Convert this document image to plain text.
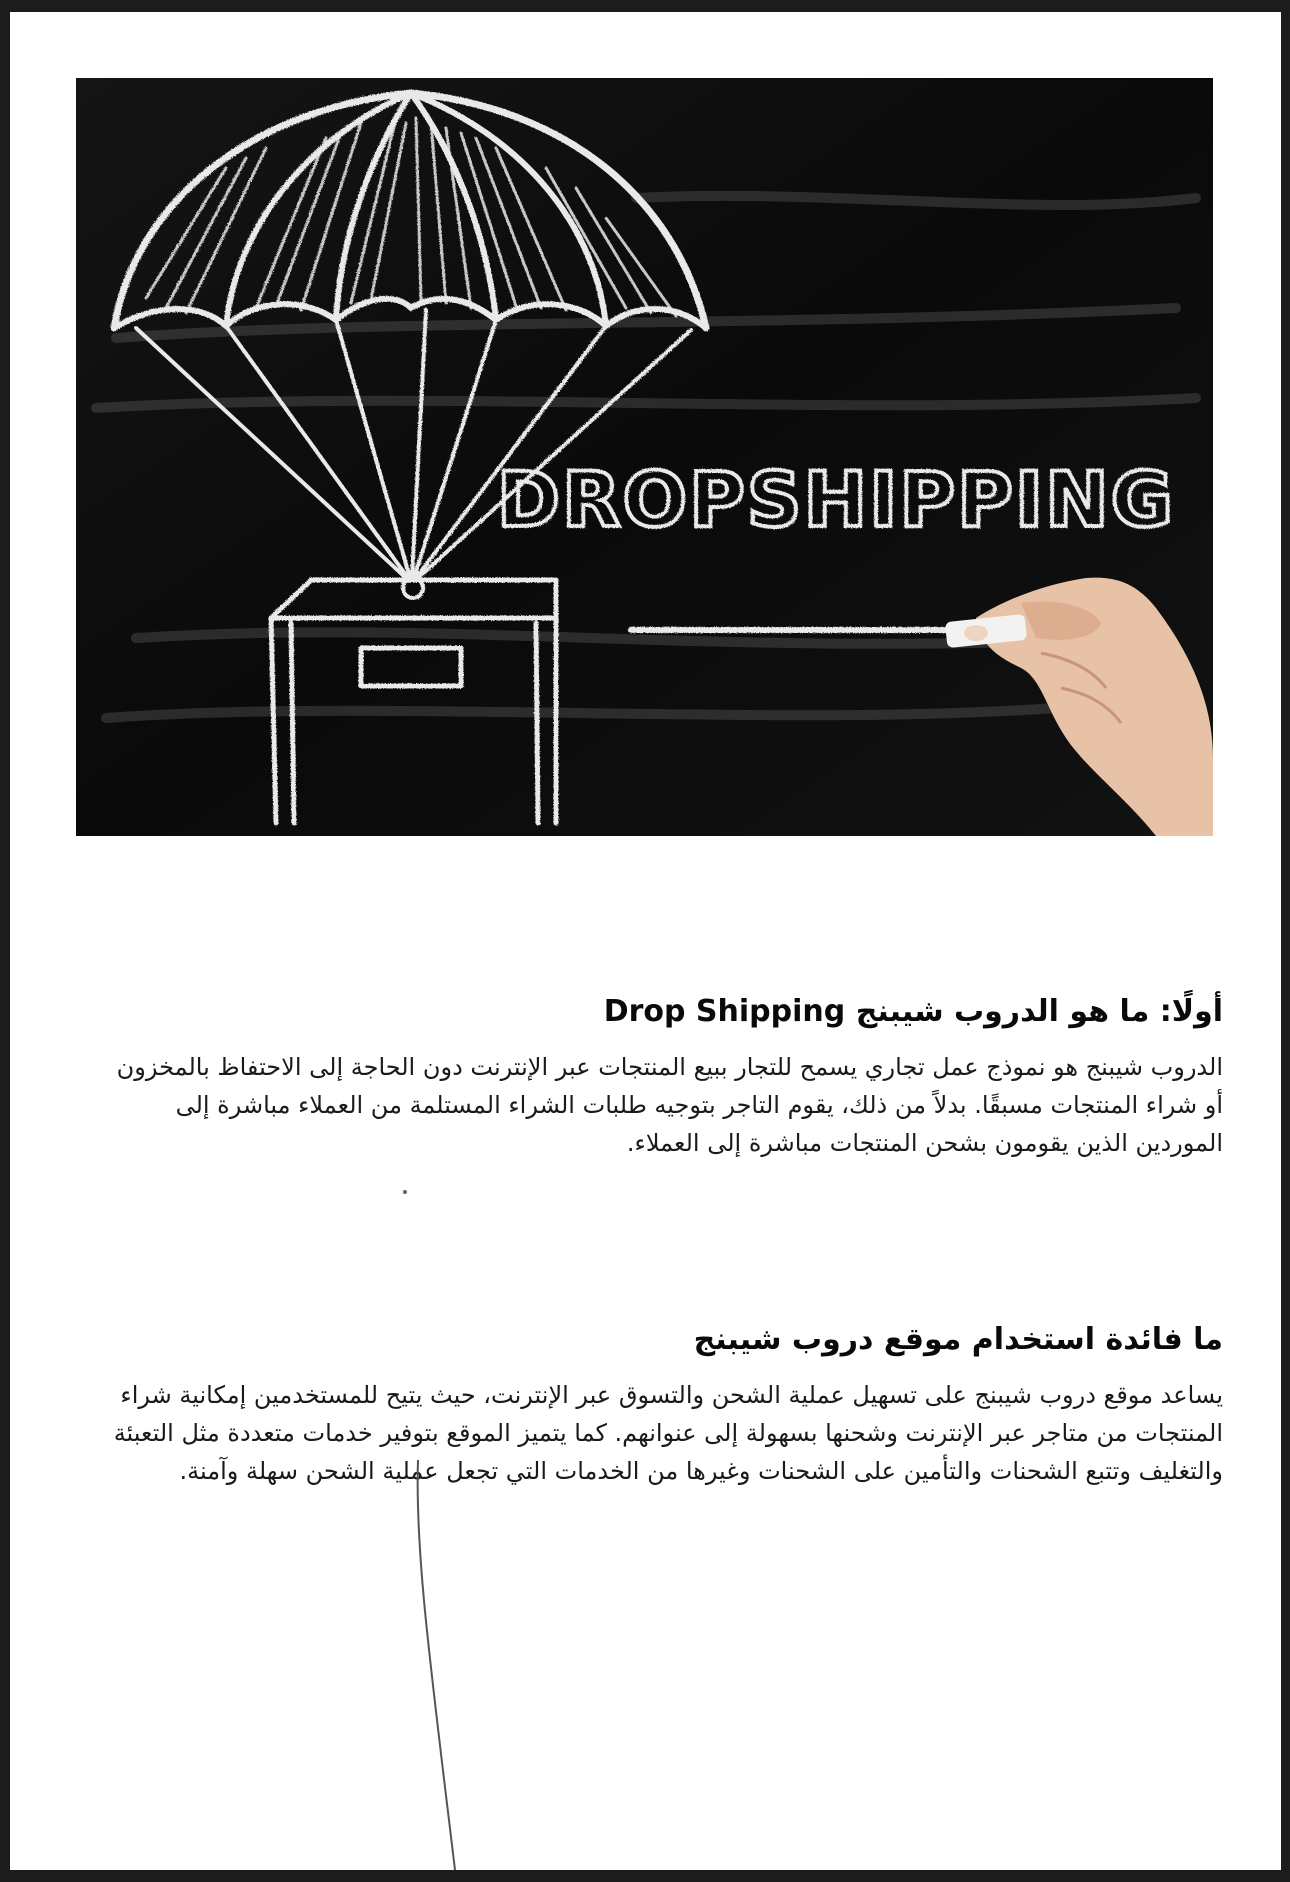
DROPSHIPPING
أولًا: ما هو الدروب شيبنج Drop Shipping

الدروب شيبنج هو نموذج عمل تجاري يسمح للتجار ببيع المنتجات عبر الإنترنت دون الحاجة إلى الاحتفاظ بالمخزون أو شراء المنتجات مسبقًا. بدلاً من ذلك، يقوم التاجر بتوجيه طلبات الشراء المستلمة من العملاء مباشرة إلى الموردين الذين يقومون بشحن المنتجات مباشرة إلى العملاء.

ما فائدة استخدام موقع دروب شيبنج

يساعد موقع دروب شيبنج على تسهيل عملية الشحن والتسوق عبر الإنترنت، حيث يتيح للمستخدمين إمكانية شراء المنتجات من متاجر عبر الإنترنت وشحنها بسهولة إلى عنوانهم. كما يتميز الموقع بتوفير خدمات متعددة مثل التعبئة والتغليف وتتبع الشحنات والتأمين على الشحنات وغيرها من الخدمات التي تجعل عملية الشحن سهلة وآمنة.
